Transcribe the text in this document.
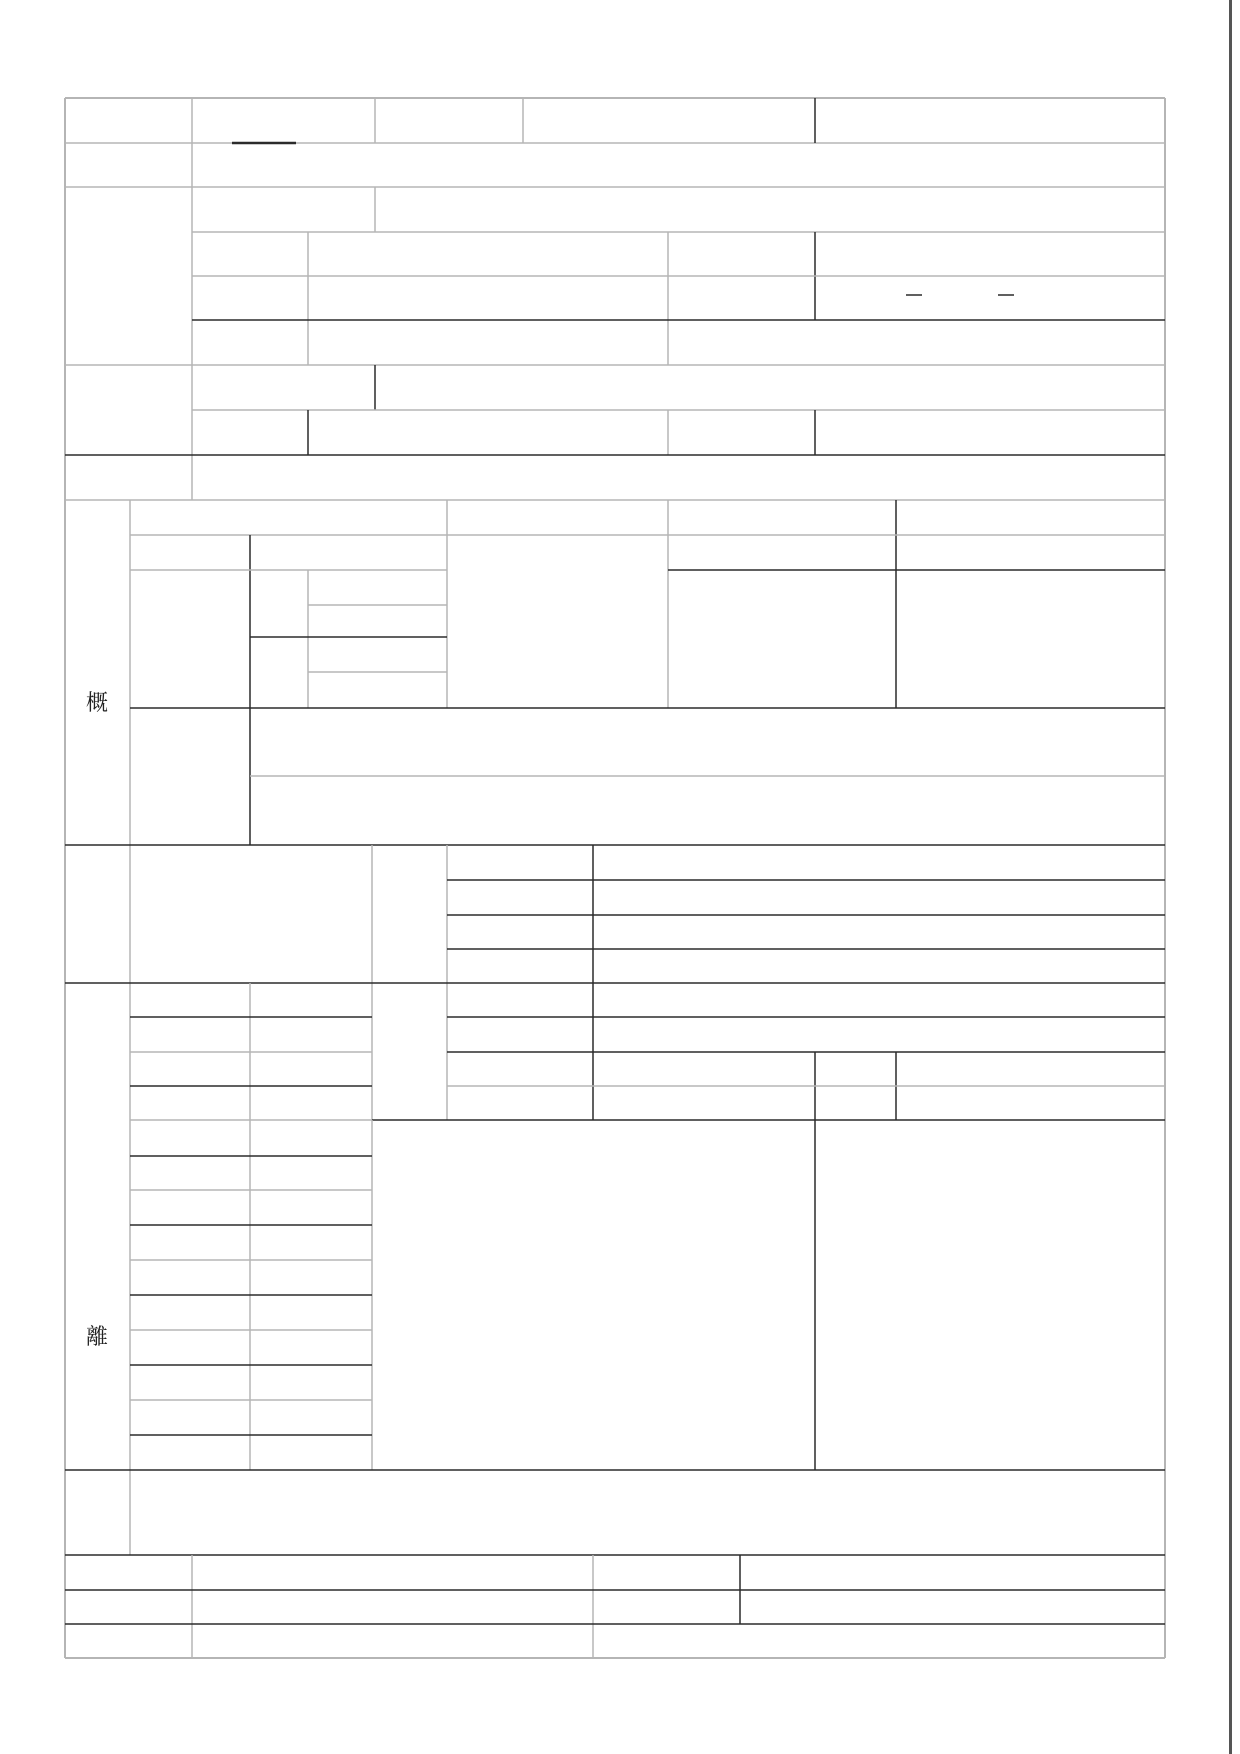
概
離
